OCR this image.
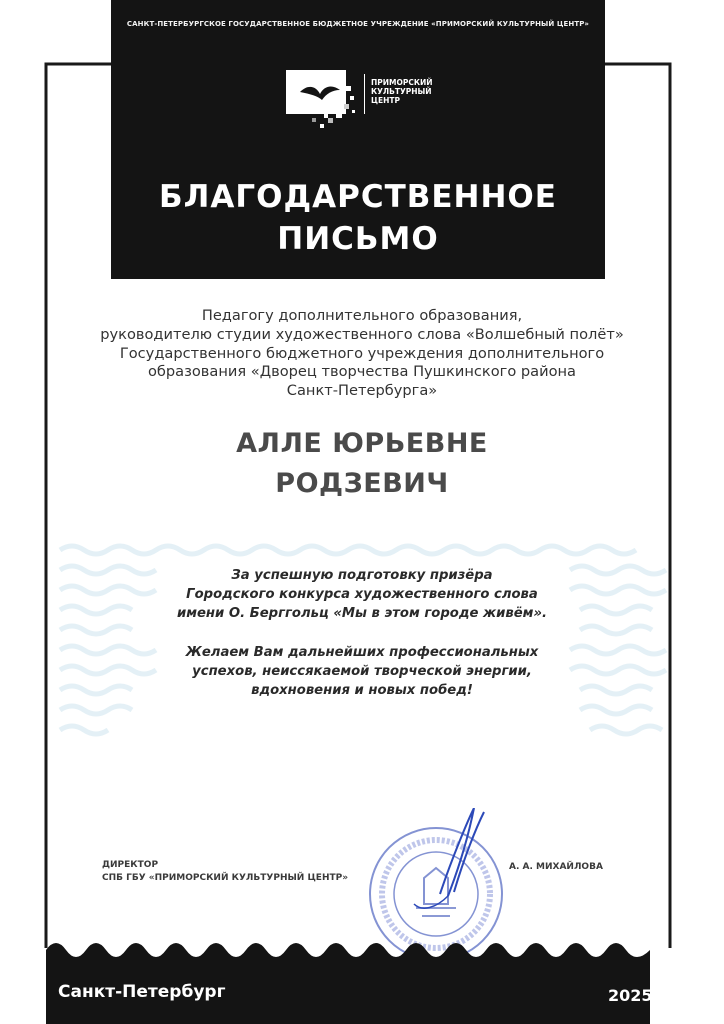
САНКТ-ПЕТЕРБУРГСКОЕ ГОСУДАРСТВЕННОЕ БЮДЖЕТНОЕ УЧРЕЖДЕНИЕ «ПРИМОРСКИЙ КУЛЬТУРНЫЙ ЦЕНТР»
ПРИМОРСКИЙ
КУЛЬТУРНЫЙ
ЦЕНТР
БЛАГОДАРСТВЕННОЕ
ПИСЬМО
Педагогу дополнительного образования,
руководителю студии художественного слова «Волшебный полёт»
Государственного бюджетного учреждения дополнительного
образования «Дворец творчества Пушкинского района
Санкт-Петербурга»
АЛЛЕ ЮРЬЕВНЕ
РОДЗЕВИЧ
За успешную подготовку призёра
Городского конкурса художественного слова
имени О. Берггольц «Мы в этом городе живём».
Желаем Вам дальнейших профессиональных
успехов, неиссякаемой творческой энергии,
вдохновения и новых побед!
ДИРЕКТОР
СПБ ГБУ «ПРИМОРСКИЙ КУЛЬТУРНЫЙ ЦЕНТР»
А. А. МИХАЙЛОВА
Санкт-Петербург	2025
